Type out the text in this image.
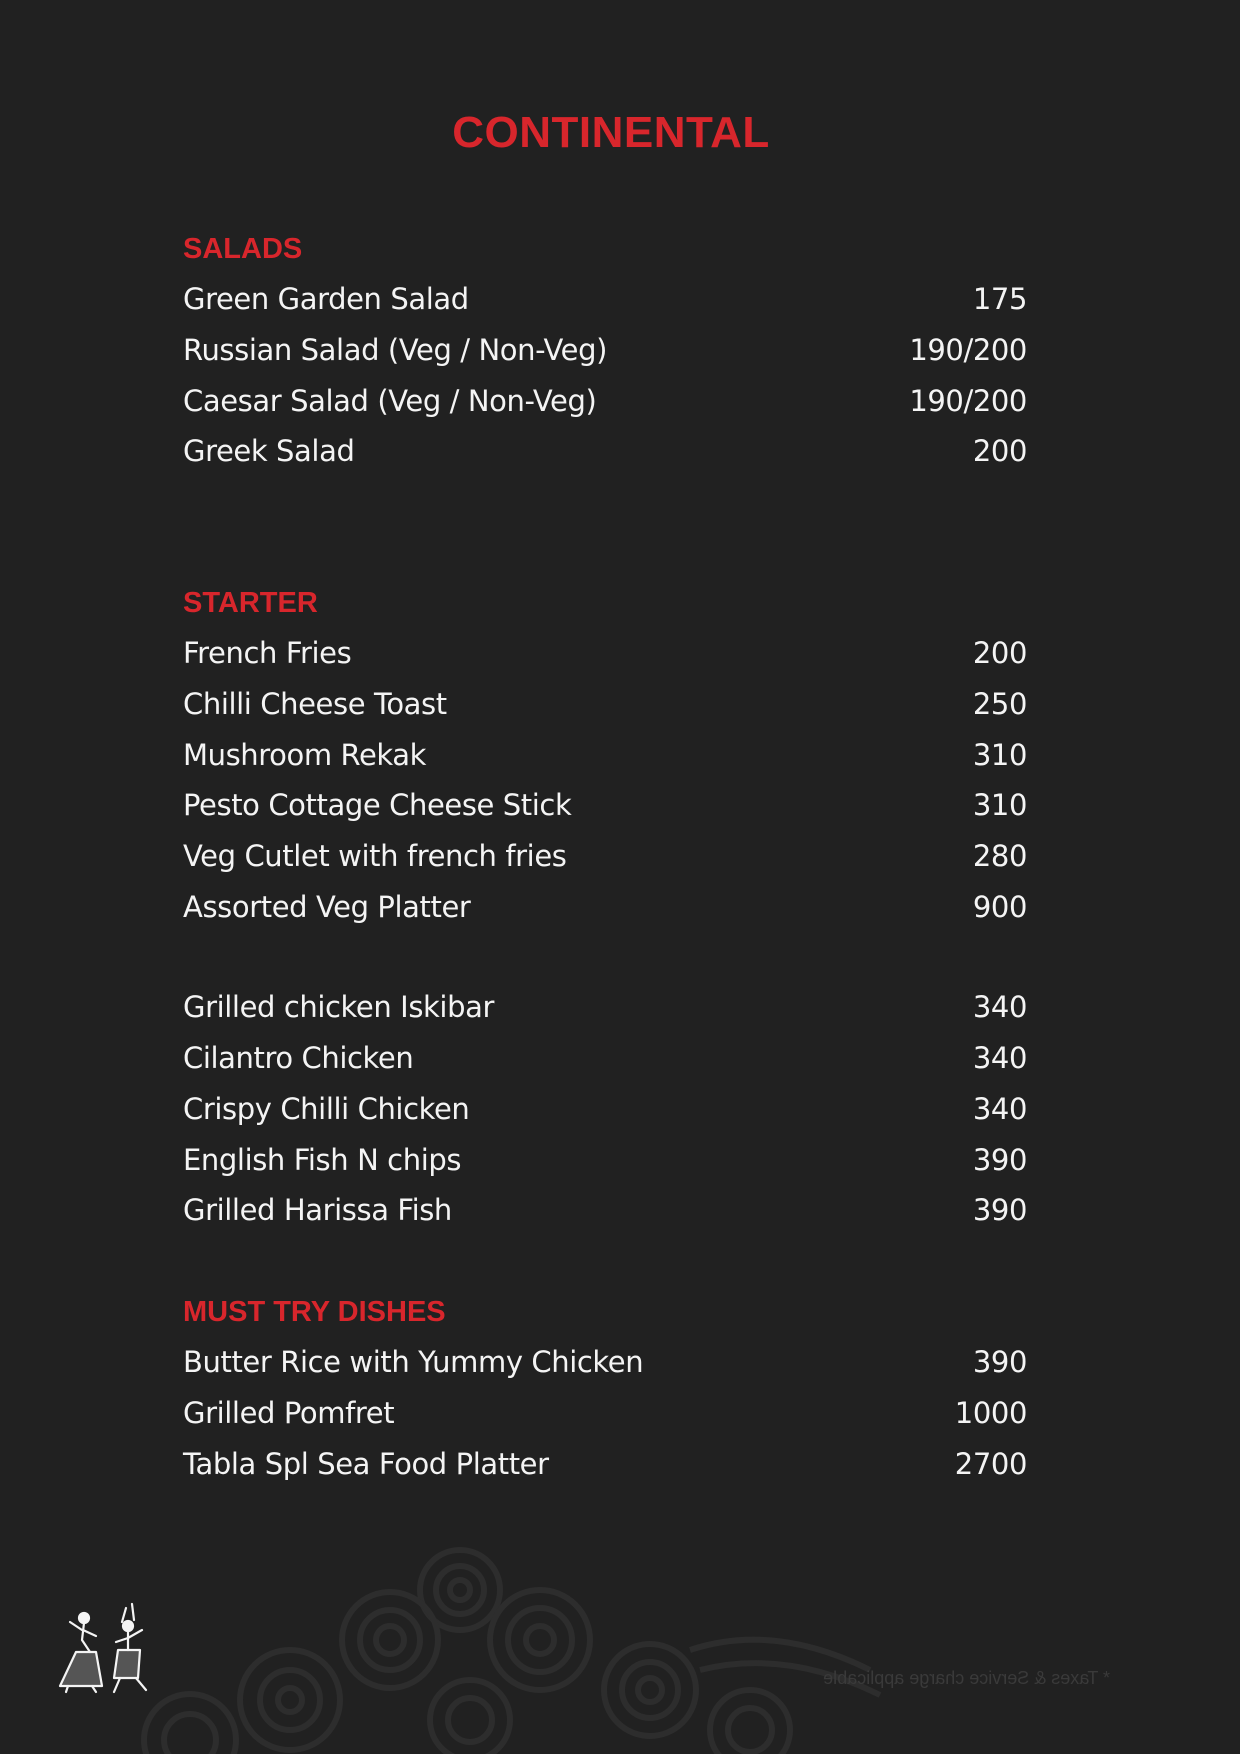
CONTINENTAL
SALADS
Green Garden Salad	175
Russian Salad (Veg / Non-Veg)	190/200
Caesar Salad (Veg / Non-Veg)	190/200
Greek Salad	200
STARTER
French Fries	200
Chilli Cheese Toast	250
Mushroom Rekak	310
Pesto Cottage Cheese Stick	310
Veg Cutlet with french fries	280
Assorted Veg Platter	900
Grilled chicken Iskibar	340
Cilantro Chicken	340
Crispy Chilli Chicken	340
English Fish N chips	390
Grilled Harissa Fish	390
MUST TRY DISHES
Butter Rice with Yummy Chicken	390
Grilled Pomfret	1000
Tabla Spl Sea Food Platter	2700
* Taxes & Service charge applicable
